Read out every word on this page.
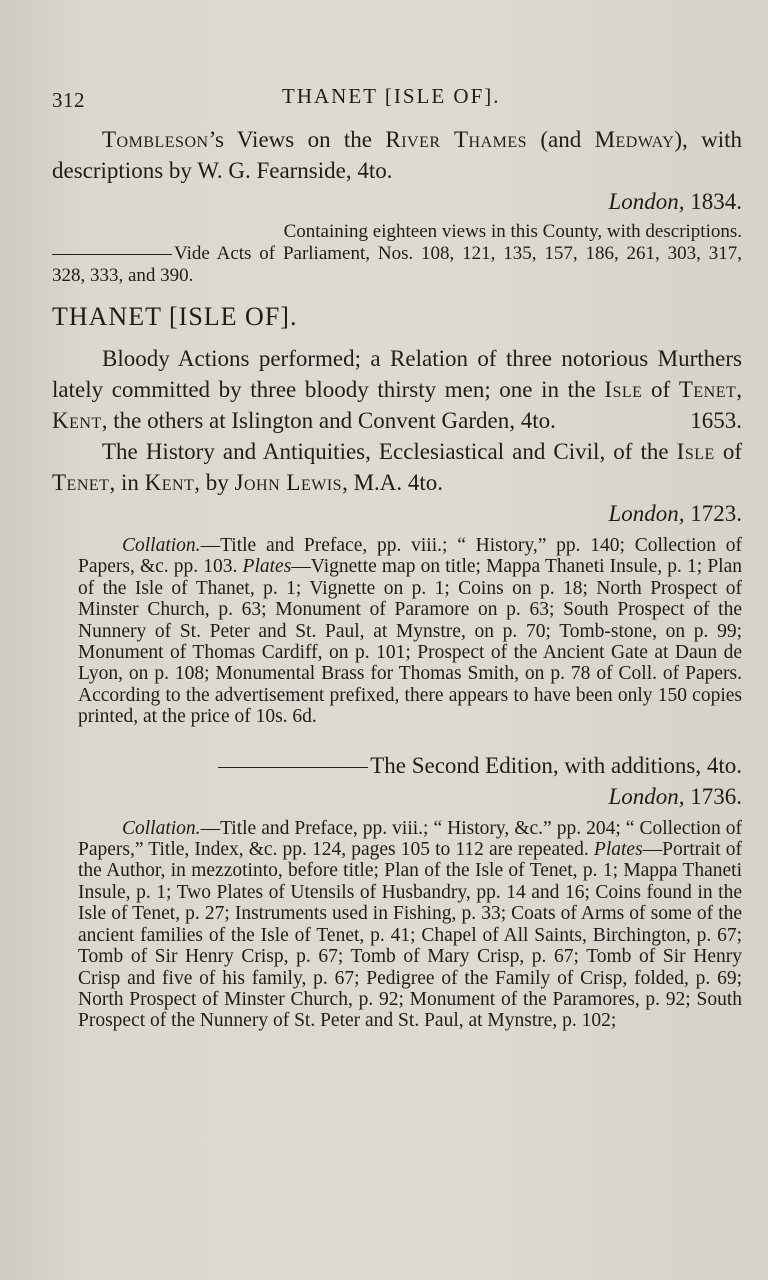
312	THANET [ISLE OF].

Tombleson’s Views on the River Thames (and Medway), with descriptions by W. G. Fearnside, 4to.

London, 1834.

Containing eighteen views in this County, with descriptions.

Vide Acts of Parliament, Nos. 108, 121, 135, 157, 186, 261, 303, 317, 328, 333, and 390.

THANET [ISLE OF].

Bloody Actions performed; a Relation of three notorious Murthers lately committed by three bloody thirsty men; one in the Isle of Tenet, Kent, the others at Islington and Convent Garden, 4to.	1653.

The History and Antiquities, Ecclesiastical and Civil, of the Isle of Tenet, in Kent, by John Lewis, M.A. 4to.

London, 1723.

Collation.—Title and Preface, pp. viii.; “ History,” pp. 140; Collection of Papers, &c. pp. 103. Plates—Vignette map on title; Mappa Thaneti Insule, p. 1; Plan of the Isle of Thanet, p. 1; Vignette on p. 1; Coins on p. 18; North Prospect of Minster Church, p. 63; Monument of Paramore on p. 63; South Prospect of the Nunnery of St. Peter and St. Paul, at Mynstre, on p. 70; Tomb-stone, on p. 99; Monument of Thomas Cardiff, on p. 101; Prospect of the Ancient Gate at Daun de Lyon, on p. 108; Monumental Brass for Thomas Smith, on p. 78 of Coll. of Papers. According to the advertisement prefixed, there appears to have been only 150 copies printed, at the price of 10s. 6d.

The Second Edition, with additions, 4to.

London, 1736.

Collation.—Title and Preface, pp. viii.; “ History, &c.” pp. 204; “ Collection of Papers,” Title, Index, &c. pp. 124, pages 105 to 112 are repeated. Plates—Portrait of the Author, in mezzotinto, before title; Plan of the Isle of Tenet, p. 1; Mappa Thaneti Insule, p. 1; Two Plates of Utensils of Husbandry, pp. 14 and 16; Coins found in the Isle of Tenet, p. 27; Instruments used in Fishing, p. 33; Coats of Arms of some of the ancient families of the Isle of Tenet, p. 41; Chapel of All Saints, Birchington, p. 67; Tomb of Sir Henry Crisp, p. 67; Tomb of Mary Crisp, p. 67; Tomb of Sir Henry Crisp and five of his family, p. 67; Pedigree of the Family of Crisp, folded, p. 69; North Prospect of Minster Church, p. 92; Monument of the Paramores, p. 92; South Prospect of the Nunnery of St. Peter and St. Paul, at Mynstre, p. 102;
